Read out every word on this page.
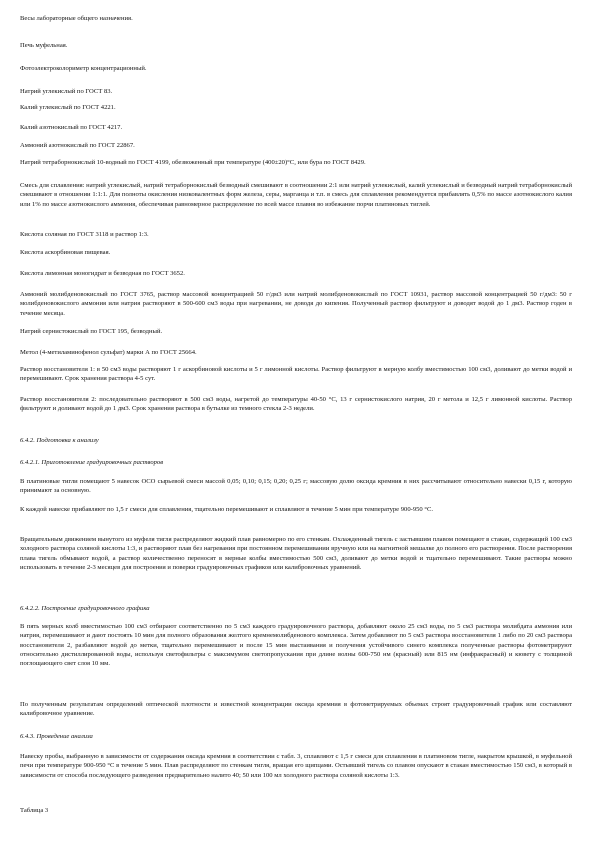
Весы лабораторные общего назначения.

Печь муфельная.

Фотоэлектроколориметр концентрационный.

Натрий углекислый по ГОСТ 83.

Калий углекислый по ГОСТ 4221.

Калий азотнокислый по ГОСТ 4217.

Аммоний азотнокислый по ГОСТ 22867.

Натрий тетраборнокислый 10-водный по ГОСТ 4199, обезвоженный при температуре (400±20)°С, или бура по ГОСТ 8429.

Смесь для сплавления: натрий углекислый, натрий тетраборнокислый безводный смешивают в соотношении 2:1 или натрий углекислый, калий углекислый и безводный натрий тетраборнокислый смешивают в отношении 1:1:1. Для полноты окисления низковалентных форм железа, серы, марганца и т.п. в смесь для сплавления рекомендуется прибавлять 0,5% по массе азотнокислого калия или 1% по массе азотнокислого аммония, обеспечивая равномерное распределение по всей массе плавня во избежание порчи платиновых тиглей.

Кислота соляная по ГОСТ 3118 и раствор 1:3.

Кислота аскорбиновая пищевая.

Кислота лимонная моногидрат и безводная по ГОСТ 3652.

Аммоний молибденовокислый по ГОСТ 3765, раствор массовой концентрацией 50 г/дм3 или натрий молибденовокислый по ГОСТ 10931, раствор массовой концентрацией 50 г/дм3: 50 г молибденовокислого аммония или натрия растворяют в 500-600 см3 воды при нагревании, не доводя до кипения. Полученный раствор фильтруют и доводят водой до 1 дм3. Раствор годен в течение месяца.

Натрий сернистокислый по ГОСТ 195, безводный.

Метол (4-метиламинофенол сульфат) марки А по ГОСТ 25664.

Раствор восстановителя 1: в 50 см3 воды растворяют 1 г аскорбиновой кислоты и 5 г лимонной кислоты. Раствор фильтруют в мерную колбу вместимостью 100 см3, доливают до метки водой и перемешивают. Срок хранения раствора 4-5 сут.

Раствор восстановителя 2: последовательно растворяют в 500 см3 воды, нагретой до температуры 40-50 °С, 13 г сернистокислого натрия, 20 г метола и 12,5 г лимонной кислоты. Раствор фильтруют и доливают водой до 1 дм3. Срок хранения раствора в бутылке из темного стекла 2-3 недели.

6.4.2. Подготовка к анализу

6.4.2.1. Приготовление градуировочных растворов

В платиновые тигли помещают 5 навесок ОСО сырьевой смеси массой 0,05; 0,10; 0,15; 0,20; 0,25 г; массовую долю оксида кремния в них рассчитывают относительно навески 0,15 г, которую принимают за основную.

К каждой навеске прибавляют по 1,5 г смеси для сплавления, тщательно перемешивают и сплавляют в течение 5 мин при температуре 900-950 °С.

Вращательным движением вынутого из муфеля тигля распределяют жидкий плав равномерно по его стенкам. Охлажденный тигель с застывшим плавом помещают в стакан, содержащий 100 см3 холодного раствора соляной кислоты 1:3, и растворяют плав без нагревания при постоянном перемешивании вручную или на магнитной мешалке до полного его растворения. После растворения плава тигель обмывают водой, а раствор количественно переносят в мерные колбы вместимостью 500 см3, доливают до метки водой и тщательно перемешивают. Такие растворы можно использовать в течение 2-3 месяцев для построения и поверки градуировочных графиков или калибровочных уравнений.

6.4.2.2. Построение градуировочного графика

В пять мерных колб вместимостью 100 см3 отбирают соответственно по 5 см3 каждого градуировочного раствора, добавляют около 25 см3 воды, по 5 см3 раствора молибдата аммония или натрия, перемешивают и дают постоять 10 мин для полного образования желтого кремнемолибденового комплекса. Затем добавляют по 5 см3 раствора восстановителя 1 либо по 20 см3 раствора восстановителя 2, разбавляют водой до метки, тщательно перемешивают и после 15 мин выстаивания и получения устойчивого синего комплекса полученные растворы фотометрируют относительно дистиллированной воды, используя светофильтры с максимумом светопропускания при длине волны 600-750 нм (красный) или 815 нм (инфракрасный) и кювету с толщиной поглощающего свет слоя 10 мм.

По полученным результатам определений оптической плотности и известной концентрации оксида кремния в фотометрируемых объемах строят градуировочный график или составляют калибровочное уравнение.

6.4.3. Проведение анализа

Навеску пробы, выбранную в зависимости от содержания оксида кремния в соответствии с табл. 3, сплавляют с 1,5 г смеси для сплавления в платиновом тигле, накрытом крышкой, в муфельной печи при температуре 900-950 °С в течение 5 мин. Плав распределяют по стенкам тигля, вращая его щипцами. Остывший тигель со плавом опускают в стакан вместимостью 150 см3, в который в зависимости от способа последующего разведения предварительно налито 40; 50 или 100 мл холодного раствора соляной кислоты 1:3.

Таблица 3
